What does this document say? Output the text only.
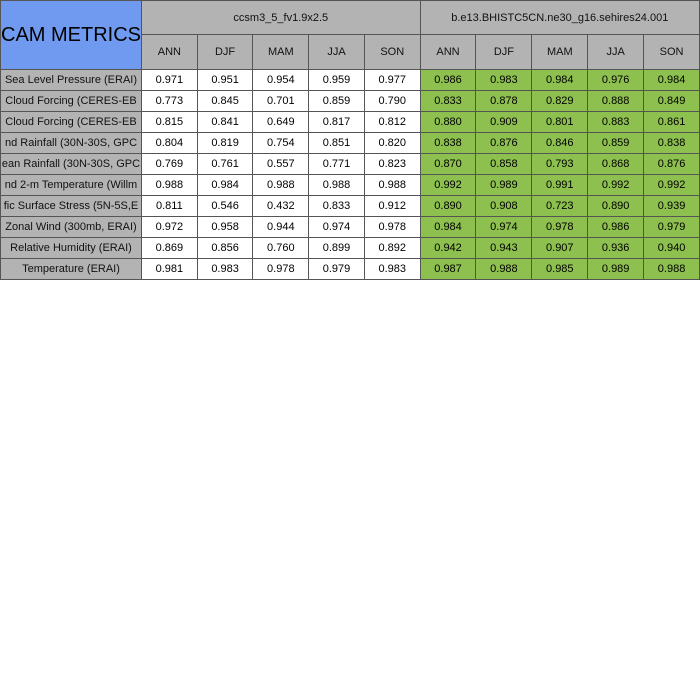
CAM METRICS	ccsm3_5_fv1.9x2.5					b.e13.BHISTC5CN.ne30_g16.sehires24.001				
	ANN	DJF	MAM	JJA	SON	ANN	DJF	MAM	JJA	SON

Sea Level Pressure (ERAI)	0.971	0.951	0.954	0.959	0.977	0.986	0.983	0.984	0.976	0.984

Cloud Forcing (CERES-EB	0.773	0.845	0.701	0.859	0.790	0.833	0.878	0.829	0.888	0.849

Cloud Forcing (CERES-EB	0.815	0.841	0.649	0.817	0.812	0.880	0.909	0.801	0.883	0.861

nd Rainfall (30N-30S, GPC	0.804	0.819	0.754	0.851	0.820	0.838	0.876	0.846	0.859	0.838

ean Rainfall (30N-30S, GPC	0.769	0.761	0.557	0.771	0.823	0.870	0.858	0.793	0.868	0.876

nd 2-m Temperature (Willm	0.988	0.984	0.988	0.988	0.988	0.992	0.989	0.991	0.992	0.992

fic Surface Stress (5N-5S,E	0.811	0.546	0.432	0.833	0.912	0.890	0.908	0.723	0.890	0.939

Zonal Wind (300mb, ERAI)	0.972	0.958	0.944	0.974	0.978	0.984	0.974	0.978	0.986	0.979

Relative Humidity (ERAI)	0.869	0.856	0.760	0.899	0.892	0.942	0.943	0.907	0.936	0.940

Temperature (ERAI)	0.981	0.983	0.978	0.979	0.983	0.987	0.988	0.985	0.989	0.988
